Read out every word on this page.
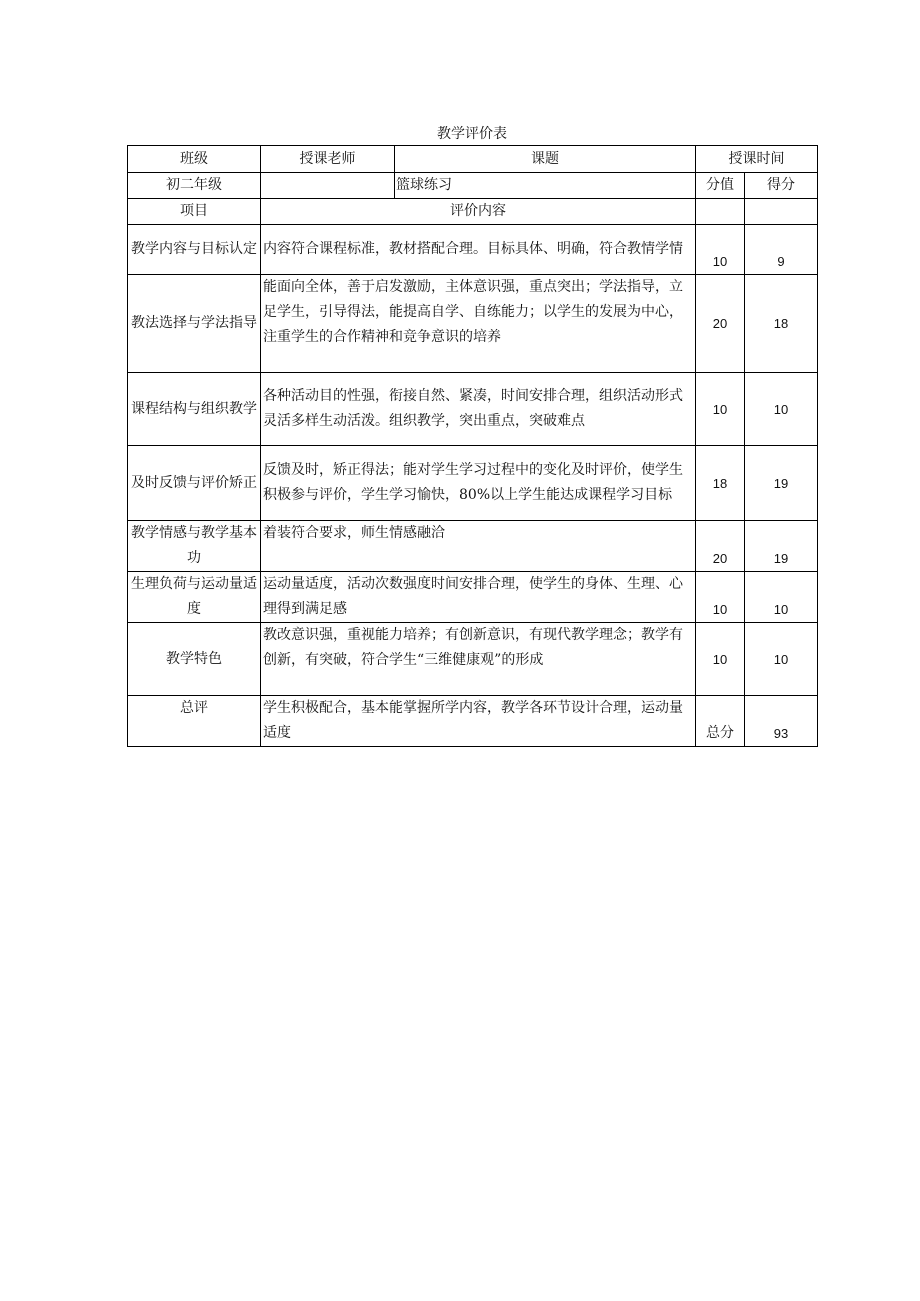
教学评价表
班级	授课老师	课题	授课时间	
初二年级		篮球练习	分值	得分
项目	评价内容			
教学内容与目标认定	内容符合课程标准，教材搭配合理。目标具体、明确，符合教情学情		10	9
教法选择与学法指导	能面向全体，善于启发激励，主体意识强，重点突出；学法指导，立足学生，引导得法，能提高自学、自练能力；以学生的发展为中心，注重学生的合作精神和竞争意识的培养		20	18
课程结构与组织教学	各种活动目的性强，衔接自然、紧凑，时间安排合理，组织活动形式灵活多样生动活泼。组织教学，突出重点，突破难点		10	10
及时反馈与评价矫正	反馈及时，矫正得法；能对学生学习过程中的变化及时评价，使学生积极参与评价，学生学习愉快，80%以上学生能达成课程学习目标		18	19
教学情感与教学基本功	着装符合要求，师生情感融洽		20	19
生理负荷与运动量适度	运动量适度，活动次数强度时间安排合理，使学生的身体、生理、心理得到满足感		10	10
教学特色	教改意识强，重视能力培养；有创新意识，有现代教学理念；教学有创新，有突破，符合学生“三维健康观”的形成		10	10
总评	学生积极配合，基本能掌握所学内容，教学各环节设计合理，运动量适度		总分	93
